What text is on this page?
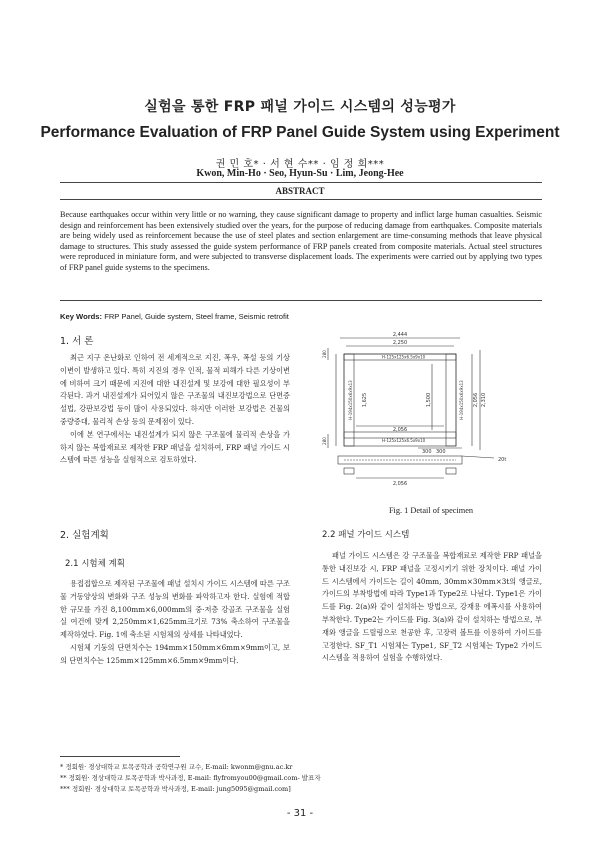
실험을 통한 FRP 패널 가이드 시스템의 성능평가
Performance Evaluation of FRP Panel Guide System using Experiment
권 민 호* · 서 현 수** · 임 정 희***
Kwon, Min-Ho · Seo, Hyun-Su · Lim, Jeong-Hee
ABSTRACT
Because earthquakes occur within very little or no warning, they cause significant damage to property and inflict large human casualties. Seismic design and reinforcement has been extensively studied over the years, for the purpose of reducing damage from earthquakes. Composite materials are being widely used as reinforcement because the use of steel plates and section enlargement are time-consuming methods that leave physical damage to structures. This study assessed the guide system performance of FRP panels created from composite materials. Actual steel structures were reproduced in miniature form, and were subjected to transverse displacement loads. The experiments were carried out by applying two types of FRP panel guide systems to the specimens.
Key Words: FRP Panel, Guide system, Steel frame, Seismic retrofit
1. 서 론

최근 지구 온난화로 인하여 전 세계적으로 지진, 폭우, 폭설 등의 기상이변이 발생하고 있다. 특히 지진의 경우 인적, 물적 피해가 다른 기상이변에 비하여 크기 때문에 지진에 대한 내진설계 및 보강에 대한 필요성이 부각된다. 과거 내진설계가 되어있지 않은 구조물의 내진보강법으로 단면증설법, 강판보강법 등이 많이 사용되었다. 하지만 이러한 보강법은 건물의 중량증대, 물리적 손상 등의 문제점이 있다.

이에 본 연구에서는 내진설계가 되지 않은 구조물에 물리적 손상을 가하지 않는 복합재료로 제작한 FRP 패널을 설치하여, FRP 패널 가이드 시스템에 따른 성능을 실험적으로 검토하였다.

2. 실험계획
2.1 시험체 계획

용접접합으로 제작된 구조물에 패널 설치시 가이드 시스템에 따른 구조물 거동양상의 변화와 구조 성능의 변화를 파악하고자 한다. 실험에 적합한 규모를 가진 8,100mm×6,000mm의 중·저층 강골조 구조물을 실험실 여건에 맞게 2,250mm×1,625mm크기로 73% 축소하여 구조물을 제작하였다. Fig. 1에 축소된 시험체의 상세를 나타내었다.

시험체 기둥의 단면치수는 194mm×150mm×6mm×9mm이고, 보의 단면치수는 125mm×125mm×6.5mm×9mm이다.

2,444
2,250
H-125x125x6.5x9x10
H-125x125x6.5x9x10
1,625
H-194x150x6x9x13	1,500	H-194x150x6x9x13 2,056 2,310
280
280
2,056
300 300
20t
2,056
Fig. 1 Detail of specimen
2.2 패널 가이드 시스템

패널 가이드 시스템은 강 구조물을 복합재료로 제작한 FRP 패널을 통한 내진보강 시, FRP 패널을 고정시키기 위한 장치이다. 패널 가이드 시스템에서 가이드는 길이 40mm, 30mm×30mm×3t의 앵글로, 가이드의 부착방법에 따라 Type1과 Type2로 나뉜다. Type1은 가이드를 Fig. 2(a)와 같이 설치하는 방법으로, 강재용 에폭시를 사용하여 부착한다. Type2는 가이드를 Fig. 3(a)와 같이 설치하는 방법으로, 부재와 앵글을 드릴링으로 천공한 후, 고장력 볼트를 이용하여 가이드를 고정한다. SF_T1 시험체는 Type1, SF_T2 시험체는 Type2 가이드 시스템을 적용하여 실험을 수행하였다.

* 정회원· 경상대학교 토목공학과 공학연구원 교수, E-mail: kwonm@gnu.ac.kr
** 정회원· 경상대학교 토목공학과 박사과정, E-mail: flyfromyou00@gmail.com- 발표자
*** 정회원· 경상대학교 토목공학과 박사과정, E-mail: jung5095@gmail.com]
- 31 -
